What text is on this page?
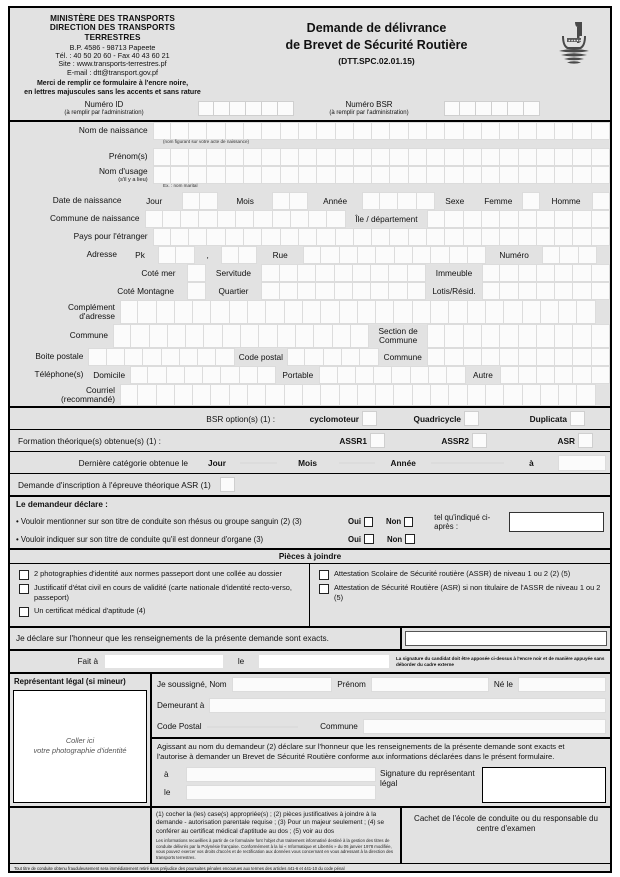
MINISTÈRE DES TRANSPORTS
DIRECTION DES TRANSPORTS
TERRESTRES
B.P. 4586 - 98713 Papeete
Tél. : 40 50 20 60 - Fax 40 43 60 21
Site : www.transports-terrestres.pf
E-mail : dtt@transport.gov.pf
Merci de remplir ce formulaire à l'encre noire,
en lettres majuscules sans les accents et sans rature
Demande de délivrance
de Brevet de Sécurité Routière
(DTT.SPC.02.01.15)
★★★★★
Numéro ID
(à remplir par l'administration)
Numéro BSR
(à remplir par l'administration)
Nom de naissance
(nom figurant sur votre acte de naissance)
Prénom(s)
Nom d'usage
(s'il y a lieu)
Ex. : nom marital
Date de naissance	Jour	Mois	Année	Sexe	Femme	Homme
Commune de naissance	Île / département
Pays pour l'étranger
Adresse	Pk	,	Rue	Numéro
Coté mer	Servitude	Immeuble
Coté Montagne	Quartier	Lotis/Résid.
Complément
d'adresse
Commune	Section de
Commune
Boite postale	Code postal	Commune
Téléphone(s)	Domicile	Portable	Autre
Courriel
(recommandé)
BSR option(s) (1) :	cyclomoteur	Quadricycle	Duplicata
Formation théorique(s) obtenue(s) (1) :	ASSR1	ASSR2	ASR
Dernière catégorie obtenue le	Jour	Mois	Année	à
Demande d'inscription à l'épreuve théorique ASR (1)
Le demandeur déclare :
• Vouloir mentionner sur son titre de conduite son rhésus ou groupe sanguin (2) (3)	Oui	Non	tel qu'indiqué ci-après :
• Vouloir indiquer sur son titre de conduite qu'il est donneur d'organe (3)	Oui	Non
Pièces à joindre
2 photographies d'identité aux normes passeport dont une collée au dossier
Justificatif d'état civil en cours de validité (carte nationale d'identité recto-verso, passeport)
Un certificat médical d'aptitude (4)
Attestation Scolaire de Sécurité routière (ASSR) de niveau 1 ou 2 (2) (5)
Attestation de Sécurité Routière (ASR) si non titulaire de l'ASSR de niveau 1 ou 2 (5)
Je déclare sur l'honneur que les renseignements de la présente demande sont exacts.
Fait à	le	La signature du candidat doit être apposée ci-dessus à l'encre noir et de manière appuyée sans déborder du cadre externe
Représentant légal (si mineur)
Coller ici
votre photographie d'identité
Je soussigné, Nom	Prénom	Né le
Demeurant à
Code Postal	Commune
Agissant au nom du demandeur (2) déclare sur l'honneur que les renseignements de la présente demande sont exacts et
l'autorise à demander un Brevet de Sécurité Routière conforme aux informations déclarées dans le présent formulaire.
à
le
Signature du représentant légal
(1) cocher la (les) case(s) appropriée(s) ; (2) pièces justificatives à joindre à la demande - autorisation parentale requise ; (3) Pour un majeur seulement ; (4) se conférer au certificat médical d'aptitude au dos ; (5) voir au dos
Les informations recueillies à partir de ce formulaire font l'objet d'un traitement informatisé destiné à la gestion des titres de conduite délivrés par la Polynésie française. Conformément à la loi « Informatique et Libertés » du 06 janvier 1978 modifiée, vous pouvez exercer vos droits d'accès et de rectification aux données vous concernant en vous adressant à la direction des transports terrestres.
Cachet de l'école de conduite ou du responsable du centre d'examen
Tout titre de conduite obtenu frauduleusement sera immédiatement retiré sans préjudice des poursuites pénales encourues aux termes des articles 441-6 et 441-10 du code pénal
